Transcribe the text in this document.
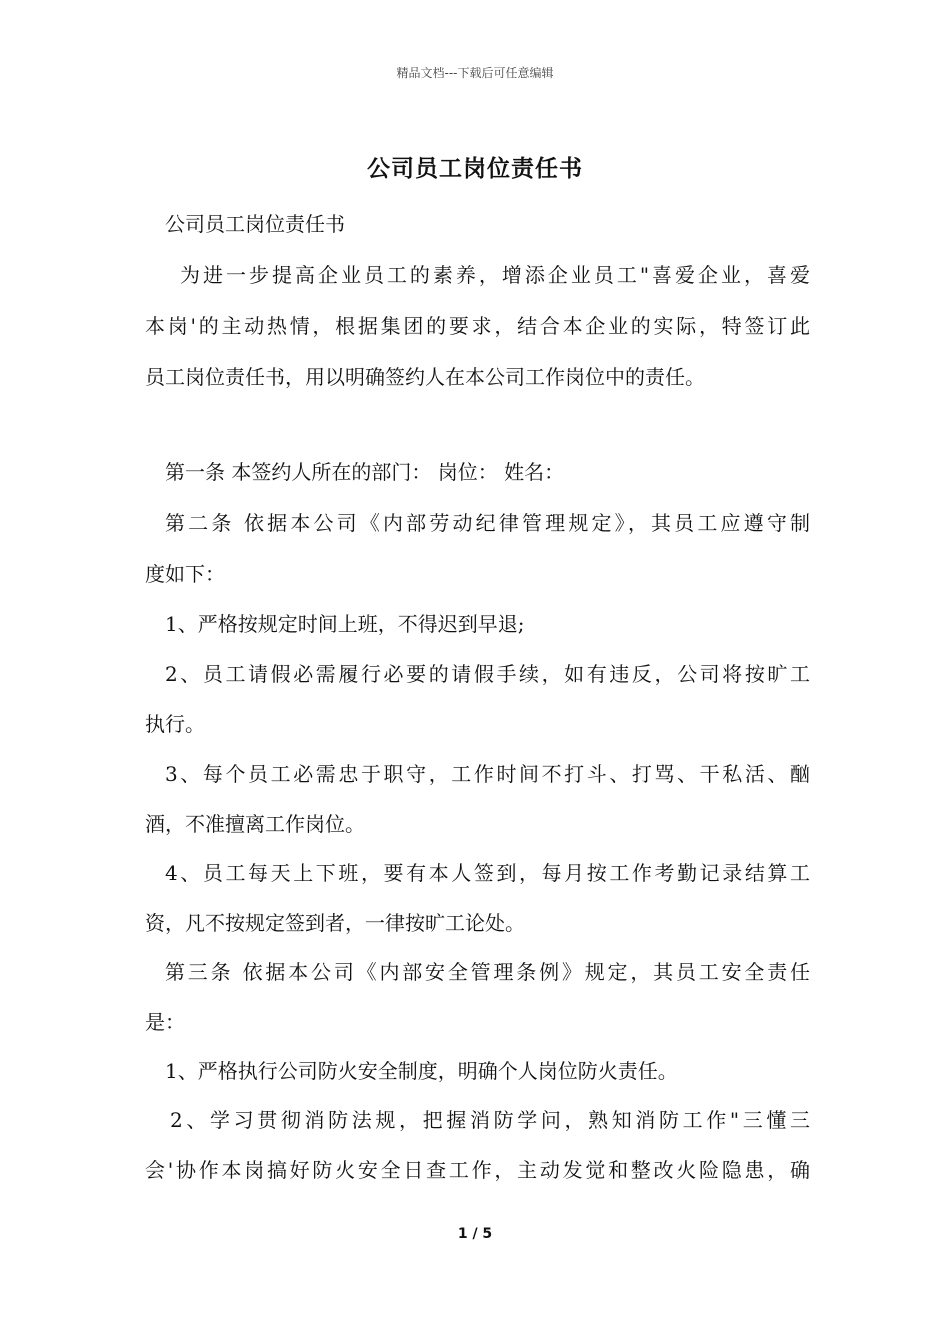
精品文档---下载后可任意编辑
公司员工岗位责任书
公司员工岗位责任书
为进一步提高企业员工的素养，增添企业员工"喜爱企业，喜爱
本岗'的主动热情，根据集团的要求，结合本企业的实际，特签订此
员工岗位责任书，用以明确签约人在本公司工作岗位中的责任。
第一条 本签约人所在的部门： 岗位： 姓名：
第二条 依据本公司《内部劳动纪律管理规定》，其员工应遵守制
度如下：
1、严格按规定时间上班，不得迟到早退;
2、员工请假必需履行必要的请假手续，如有违反，公司将按旷工
执行。
3、每个员工必需忠于职守，工作时间不打斗、打骂、干私活、酗
酒，不准擅离工作岗位。
4、员工每天上下班，要有本人签到，每月按工作考勤记录结算工
资，凡不按规定签到者，一律按旷工论处。
第三条 依据本公司《内部安全管理条例》规定，其员工安全责任
是：
1、严格执行公司防火安全制度，明确个人岗位防火责任。
2、学习贯彻消防法规，把握消防学问，熟知消防工作"三懂三
会'协作本岗搞好防火安全日查工作，主动发觉和整改火险隐患，确
1 / 5
